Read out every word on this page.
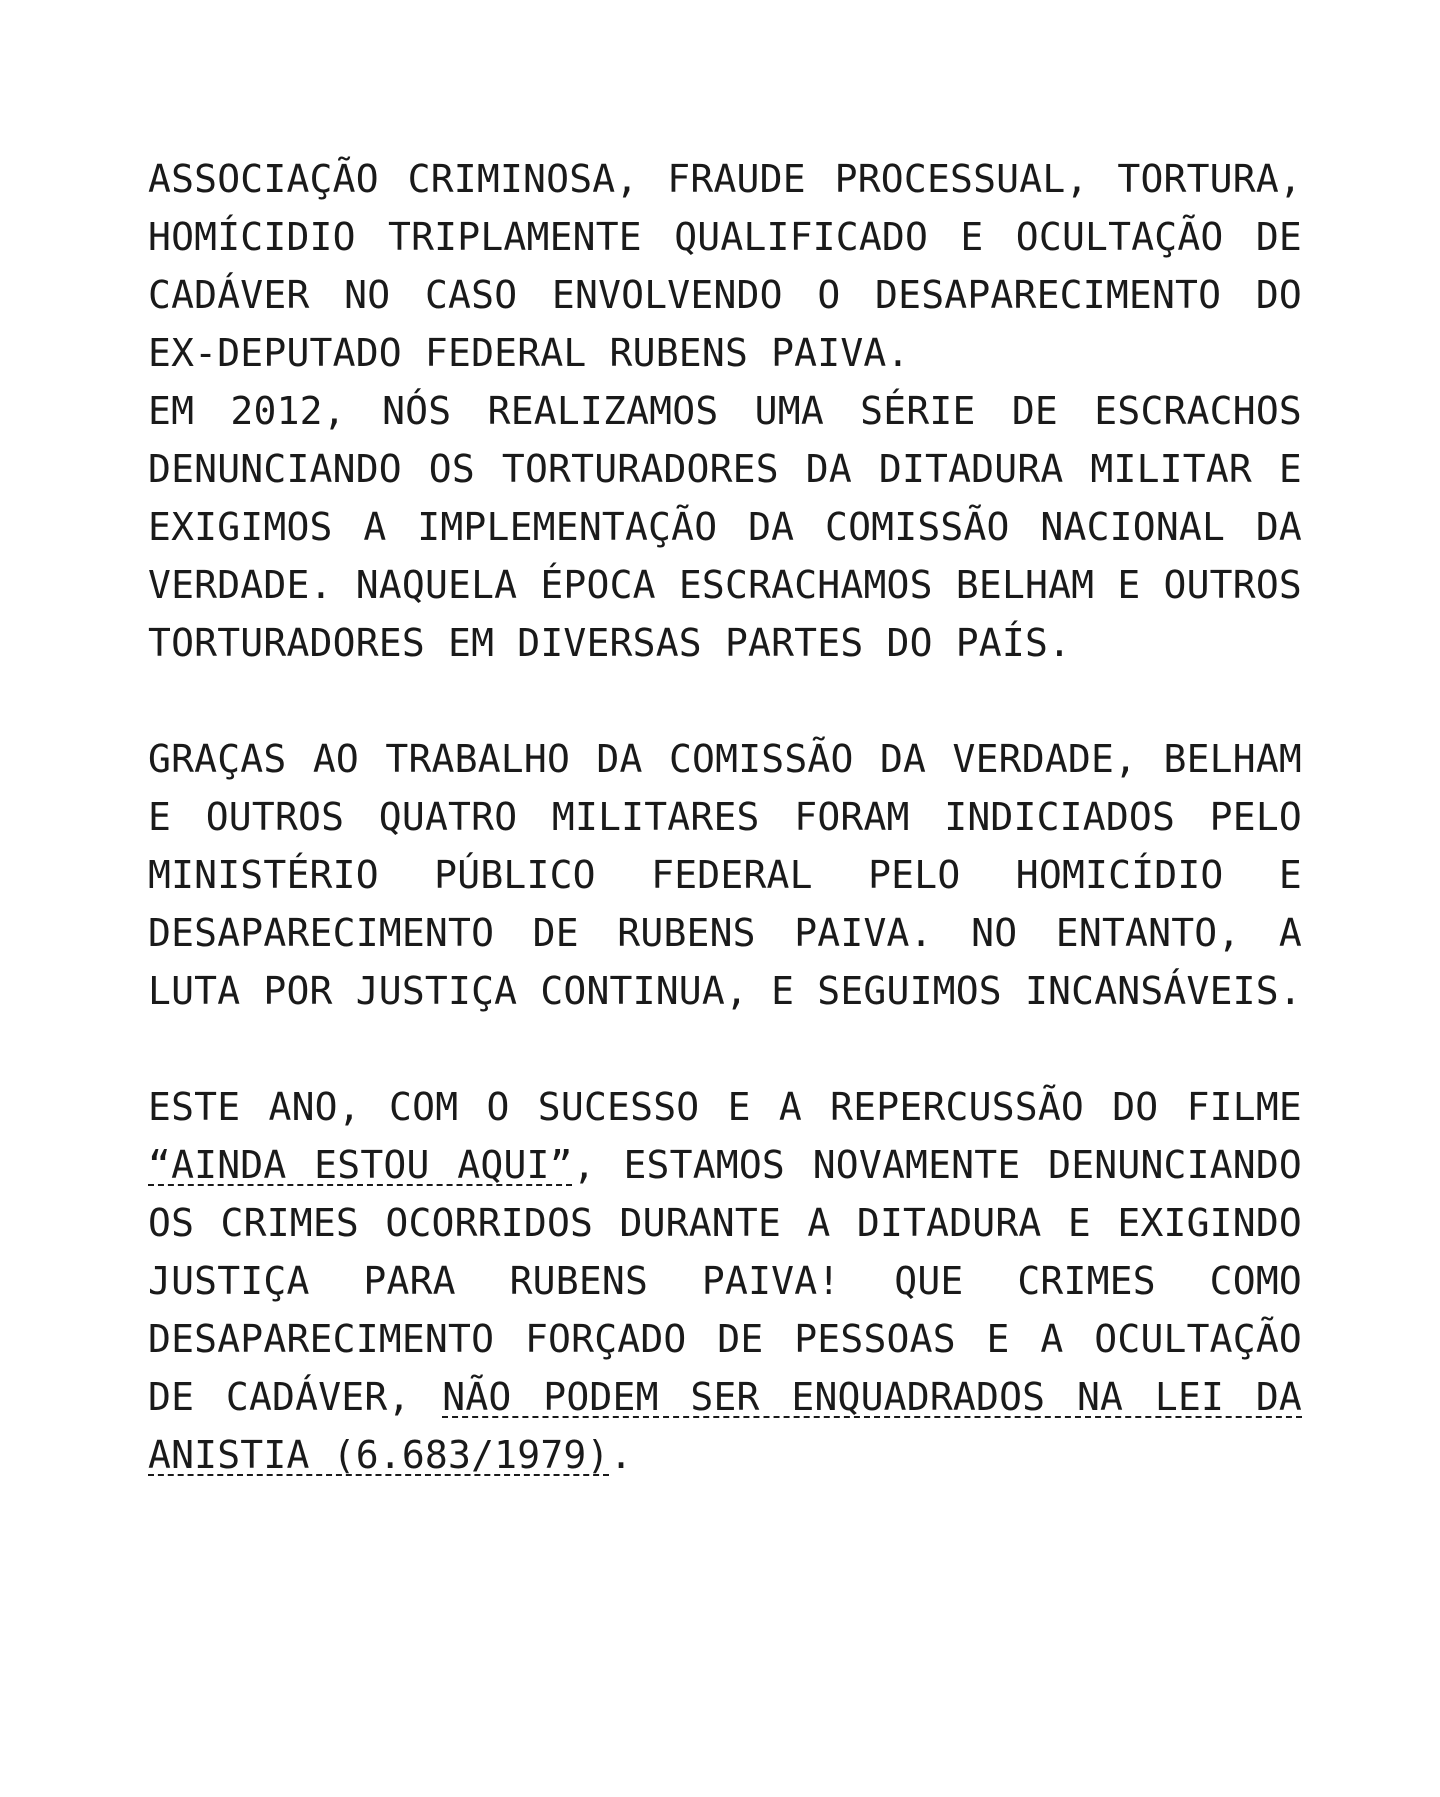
ASSOCIAÇÃO CRIMINOSA, FRAUDE PROCESSUAL, TORTURA, HOMÍCIDIO TRIPLAMENTE QUALIFICADO E OCULTAÇÃO DE CADÁVER NO CASO ENVOLVENDO O DESAPARECIMENTO DO EX-DEPUTADO FEDERAL RUBENS PAIVA.

EM 2012, NÓS REALIZAMOS UMA SÉRIE DE ESCRACHOS DENUNCIANDO OS TORTURADORES DA DITADURA MILITAR E EXIGIMOS A IMPLEMENTAÇÃO DA COMISSÃO NACIONAL DA VERDADE. NAQUELA ÉPOCA ESCRACHAMOS BELHAM E OUTROS TORTURADORES EM DIVERSAS PARTES DO PAÍS.

GRAÇAS AO TRABALHO DA COMISSÃO DA VERDADE, BELHAM E OUTROS QUATRO MILITARES FORAM INDICIADOS PELO MINISTÉRIO PÚBLICO FEDERAL PELO HOMICÍDIO E DESAPARECIMENTO DE RUBENS PAIVA. NO ENTANTO, A LUTA POR JUSTIÇA CONTINUA, E SEGUIMOS INCANSÁVEIS.

ESTE ANO, COM O SUCESSO E A REPERCUSSÃO DO FILME “AINDA ESTOU AQUI”, ESTAMOS NOVAMENTE DENUNCIANDO OS CRIMES OCORRIDOS DURANTE A DITADURA E EXIGINDO JUSTIÇA PARA RUBENS PAIVA! QUE CRIMES COMO DESAPARECIMENTO FORÇADO DE PESSOAS E A OCULTAÇÃO DE CADÁVER, NÃO PODEM SER ENQUADRADOS NA LEI DA ANISTIA (6.683/1979).
